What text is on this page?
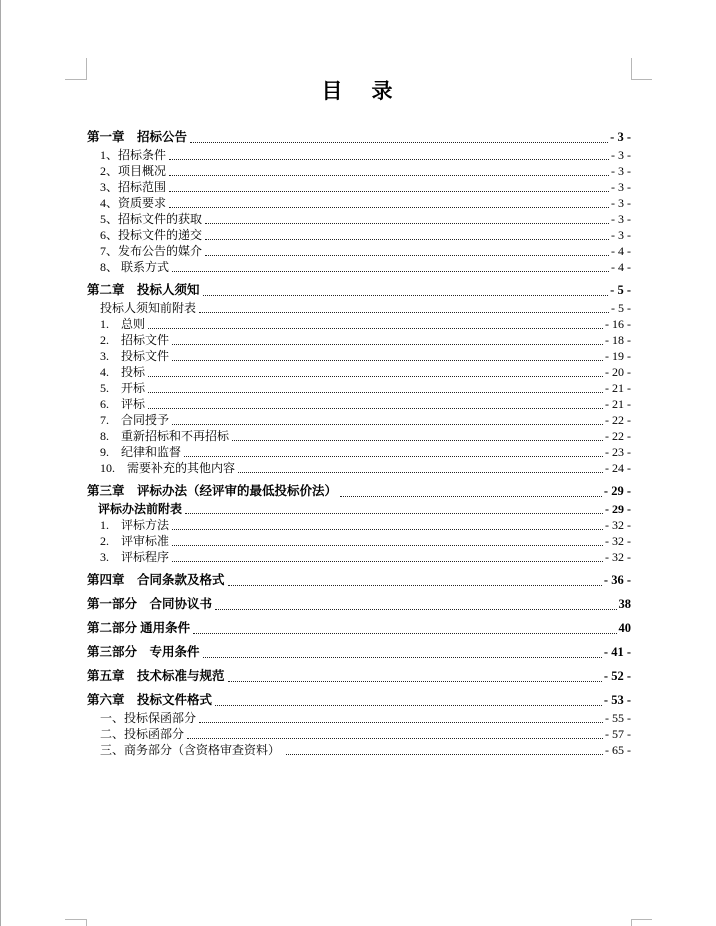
目　录
第一章　招标公告	- 3 -
1、招标条件	- 3 -
2、项目概况	- 3 -
3、招标范围	- 3 -
4、资质要求	- 3 -
5、招标文件的获取	- 3 -
6、投标文件的递交	- 3 -
7、发布公告的媒介	- 4 -
8、 联系方式	- 4 -
第二章　投标人须知	- 5 -
投标人须知前附表	- 5 -
1.　总则	- 16 -
2.　招标文件	- 18 -
3.　投标文件	- 19 -
4.　投标	- 20 -
5.　开标	- 21 -
6.　评标	- 21 -
7.　合同授予	- 22 -
8.　重新招标和不再招标	- 22 -
9.　纪律和监督	- 23 -
10.　需要补充的其他内容	- 24 -
第三章　评标办法（经评审的最低投标价法）	- 29 -
评标办法前附表	- 29 -
1.　评标方法	- 32 -
2.　评审标准	- 32 -
3.　评标程序	- 32 -
第四章　合同条款及格式	- 36 -
第一部分　合同协议书	38
第二部分 通用条件	40
第三部分　专用条件	- 41 -
第五章　技术标准与规范	- 52 -
第六章　投标文件格式	- 53 -
一、投标保函部分	- 55 -
二、投标函部分	- 57 -
三、商务部分（含资格审查资料）	- 65 -
